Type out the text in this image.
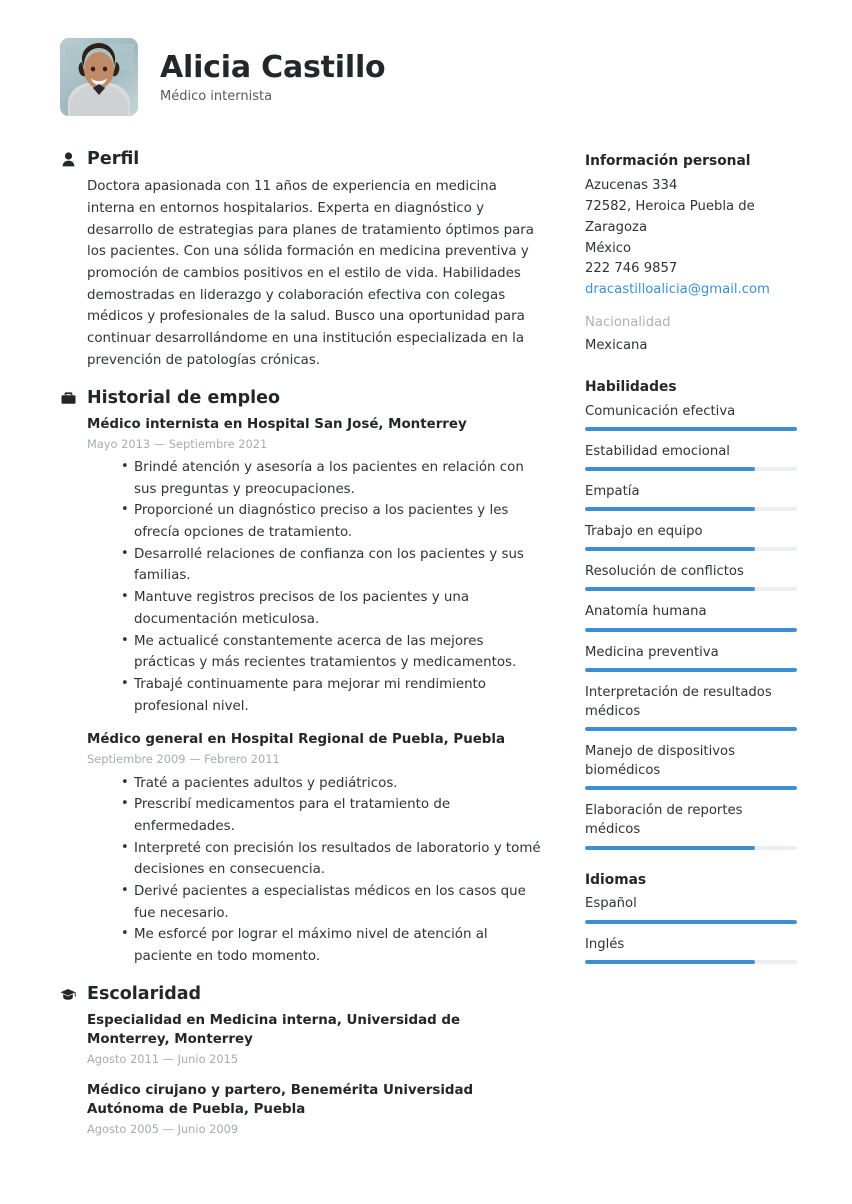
Alicia Castillo
Médico internista
Perfil

Doctora apasionada con 11 años de experiencia en medicina interna en entornos hospitalarios. Experta en diagnóstico y desarrollo de estrategias para planes de tratamiento óptimos para los pacientes. Con una sólida formación en medicina preventiva y promoción de cambios positivos en el estilo de vida. Habilidades demostradas en liderazgo y colaboración efectiva con colegas médicos y profesionales de la salud. Busco una oportunidad para continuar desarrollándome en una institución especializada en la prevención de patologías crónicas.

Historial de empleo
Médico internista en Hospital San José, Monterrey
Mayo 2013 — Septiembre 2021
• Brindé atención y asesoría a los pacientes en relación con sus preguntas y preocupaciones.
• Proporcioné un diagnóstico preciso a los pacientes y les ofrecía opciones de tratamiento.
• Desarrollé relaciones de confianza con los pacientes y sus familias.
• Mantuve registros precisos de los pacientes y una documentación meticulosa.
• Me actualicé constantemente acerca de las mejores prácticas y más recientes tratamientos y medicamentos.
• Trabajé continuamente para mejorar mi rendimiento profesional nivel.
Médico general en Hospital Regional de Puebla, Puebla
Septiembre 2009 — Febrero 2011
• Traté a pacientes adultos y pediátricos.
• Prescribí medicamentos para el tratamiento de enfermedades.
• Interpreté con precisión los resultados de laboratorio y tomé decisiones en consecuencia.
• Derivé pacientes a especialistas médicos en los casos que fue necesario.
• Me esforcé por lograr el máximo nivel de atención al paciente en todo momento.
Escolaridad
Especialidad en Medicina interna, Universidad de Monterrey, Monterrey
Agosto 2011 — Junio 2015
Médico cirujano y partero, Benemérita Universidad Autónoma de Puebla, Puebla
Agosto 2005 — Junio 2009
Información personal
Azucenas 334
72582, Heroica Puebla de Zaragoza
México
222 746 9857
dracastilloalicia@gmail.com
Nacionalidad
Mexicana
Habilidades
Comunicación efectiva
Estabilidad emocional
Empatía
Trabajo en equipo
Resolución de conflictos
Anatomía humana
Medicina preventiva
Interpretación de resultados médicos
Manejo de dispositivos biomédicos
Elaboración de reportes médicos
Idiomas
Español
Inglés
